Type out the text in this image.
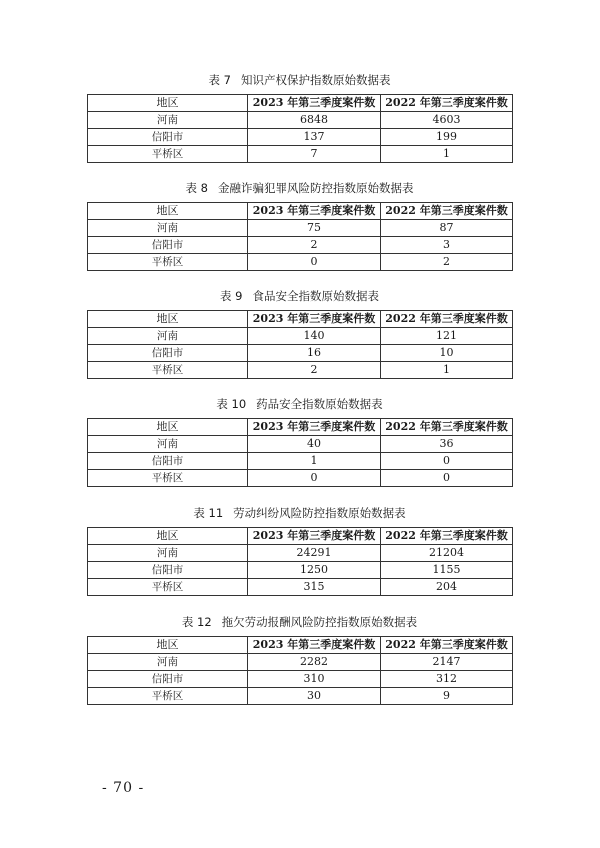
表 7 知识产权保护指数原始数据表
地区	2023 年第三季度案件数	2022 年第三季度案件数
河南	6848	4603
信阳市	137	199
平桥区	7	1
表 8 金融诈骗犯罪风险防控指数原始数据表
地区	2023 年第三季度案件数	2022 年第三季度案件数
河南	75	87
信阳市	2	3
平桥区	0	2
表 9 食品安全指数原始数据表
地区	2023 年第三季度案件数	2022 年第三季度案件数
河南	140	121
信阳市	16	10
平桥区	2	1
表 10 药品安全指数原始数据表
地区	2023 年第三季度案件数	2022 年第三季度案件数
河南	40	36
信阳市	1	0
平桥区	0	0
表 11 劳动纠纷风险防控指数原始数据表
地区	2023 年第三季度案件数	2022 年第三季度案件数
河南	24291	21204
信阳市	1250	1155
平桥区	315	204
表 12 拖欠劳动报酬风险防控指数原始数据表
地区	2023 年第三季度案件数	2022 年第三季度案件数
河南	2282	2147
信阳市	310	312
平桥区	30	9
- 70 -
